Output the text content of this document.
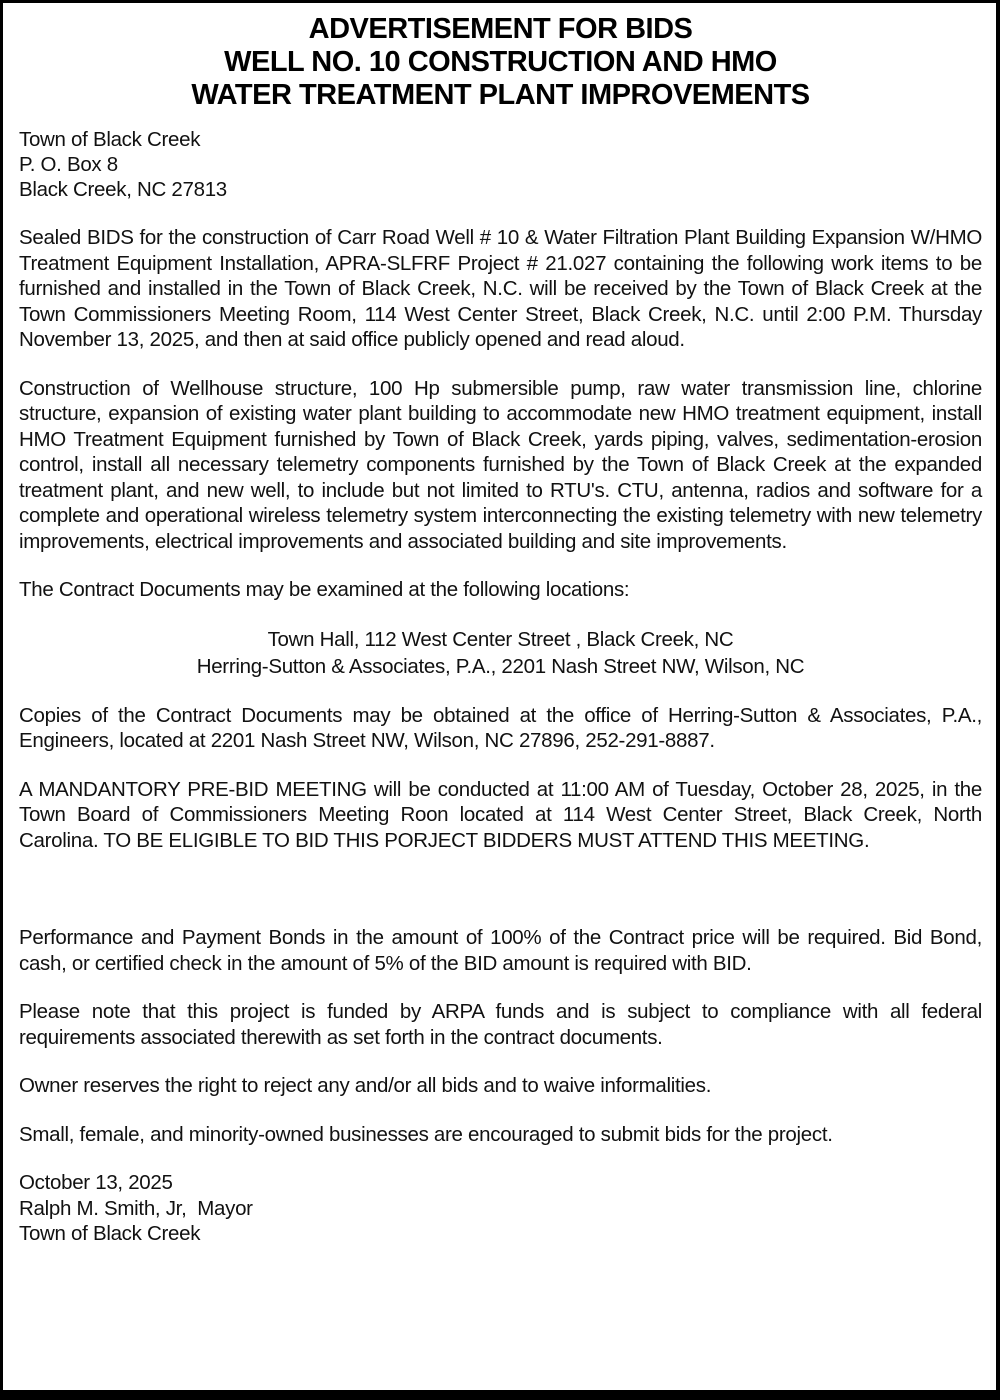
ADVERTISEMENT FOR BIDS
WELL NO. 10 CONSTRUCTION AND HMO
WATER TREATMENT PLANT IMPROVEMENTS
Town of Black Creek
P. O. Box 8
Black Creek, NC 27813

Sealed BIDS for the construction of Carr Road Well # 10 & Water Filtration Plant Building Expansion W/HMO Treatment Equipment Installation, APRA-SLFRF Project # 21.027 containing the following work items to be furnished and installed in the Town of Black Creek, N.C. will be received by the Town of Black Creek at the Town Commissioners Meeting Room, 114 West Center Street, Black Creek, N.C. until 2:00 P.M. Thursday November 13, 2025, and then at said office publicly opened and read aloud.

Construction of Wellhouse structure, 100 Hp submersible pump, raw water transmission line, chlorine structure, expansion of existing water plant building to accommodate new HMO treatment equipment, install HMO Treatment Equipment furnished by Town of Black Creek, yards piping, valves, sedimentation-erosion control, install all necessary telemetry components furnished by the Town of Black Creek at the expanded treatment plant, and new well, to include but not limited to RTU's. CTU, antenna, radios and software for a complete and operational wireless telemetry system interconnecting the existing telemetry with new telemetry improvements, electrical improvements and associated building and site improvements.

The Contract Documents may be examined at the following locations:

Town Hall, 112 West Center Street , Black Creek, NC
Herring-Sutton & Associates, P.A., 2201 Nash Street NW, Wilson, NC

Copies of the Contract Documents may be obtained at the office of Herring-Sutton & Associates, P.A., Engineers, located at 2201 Nash Street NW, Wilson, NC 27896, 252-291-8887.

A MANDANTORY PRE-BID MEETING will be conducted at 11:00 AM of Tuesday, October 28, 2025, in the Town Board of Commissioners Meeting Roon located at 114 West Center Street, Black Creek, North Carolina. TO BE ELIGIBLE TO BID THIS PORJECT BIDDERS MUST ATTEND THIS MEETING.

Performance and Payment Bonds in the amount of 100% of the Contract price will be required. Bid Bond, cash, or certified check in the amount of 5% of the BID amount is required with BID.

Please note that this project is funded by ARPA funds and is subject to compliance with all federal requirements associated therewith as set forth in the contract documents.

Owner reserves the right to reject any and/or all bids and to waive informalities.

Small, female, and minority-owned businesses are encouraged to submit bids for the project.

October 13, 2025
Ralph M. Smith, Jr,  Mayor
Town of Black Creek
